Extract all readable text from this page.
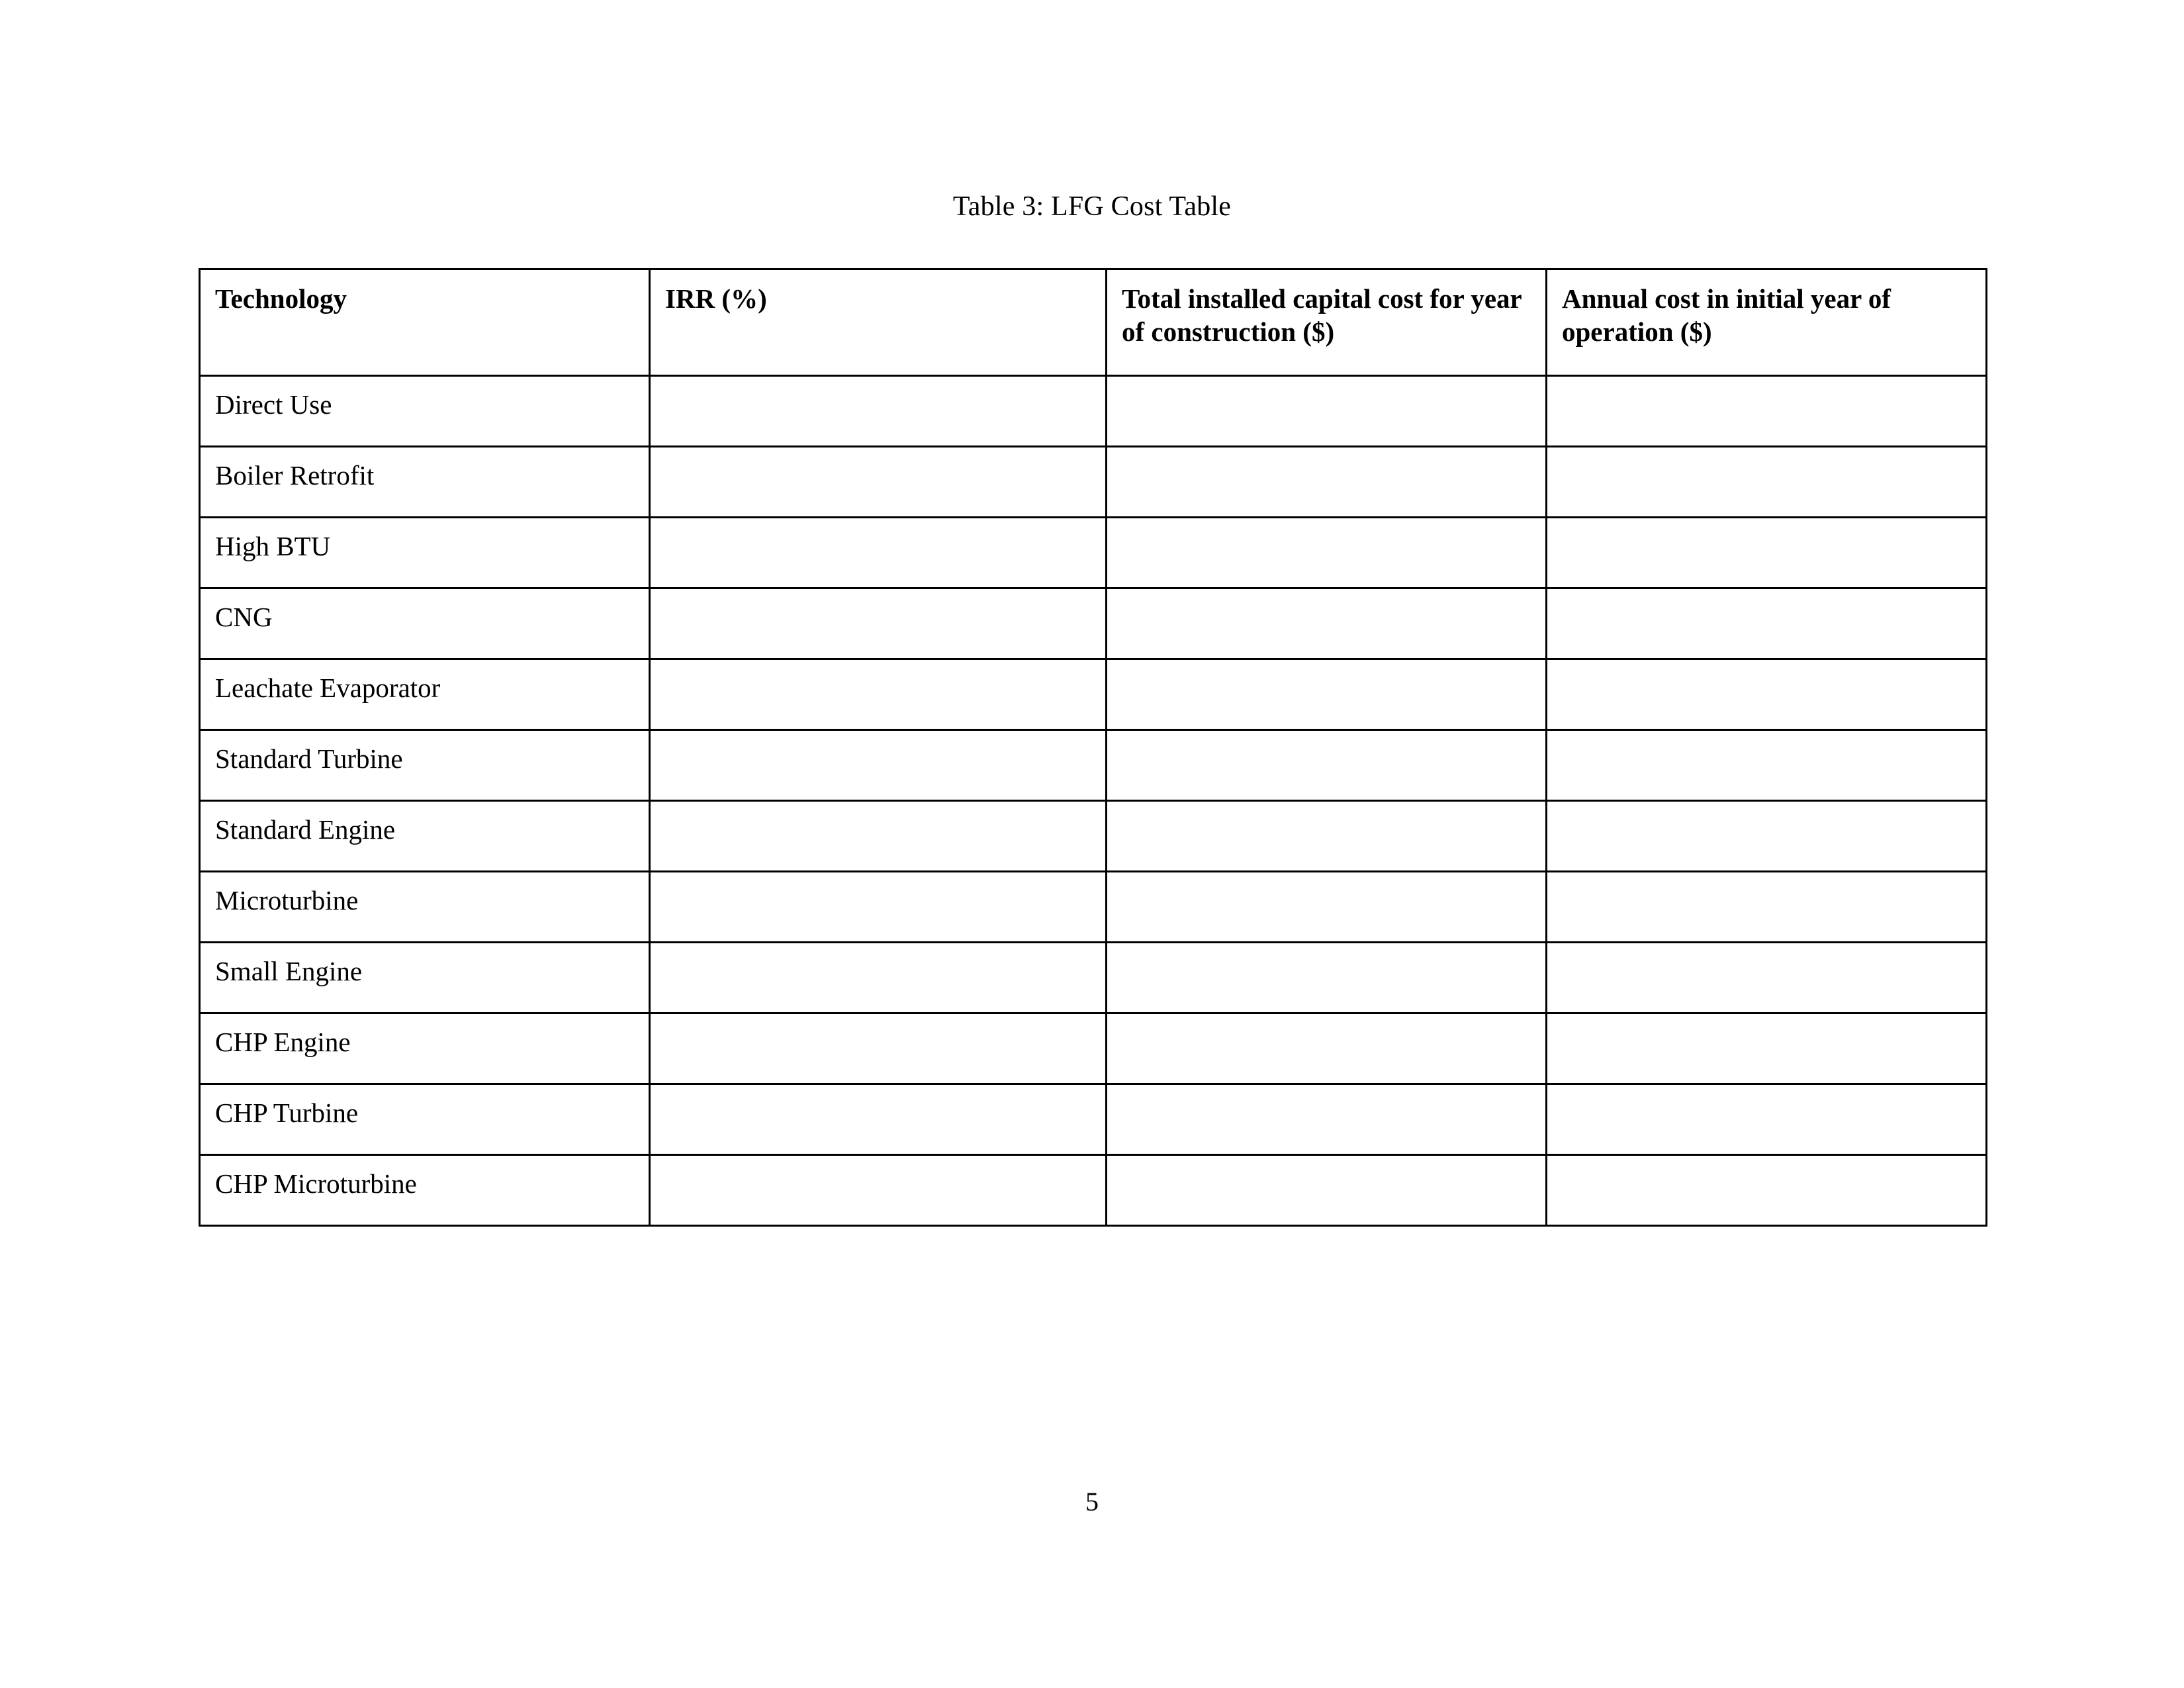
Table 3: LFG Cost Table
Technology	IRR (%)	Total installed capital cost for year of construction ($)	Annual cost in initial year of operation ($)
Direct Use			
Boiler Retrofit			
High BTU			
CNG			
Leachate Evaporator			
Standard Turbine			
Standard Engine			
Microturbine			
Small Engine			
CHP Engine			
CHP Turbine			
CHP Microturbine			
5
